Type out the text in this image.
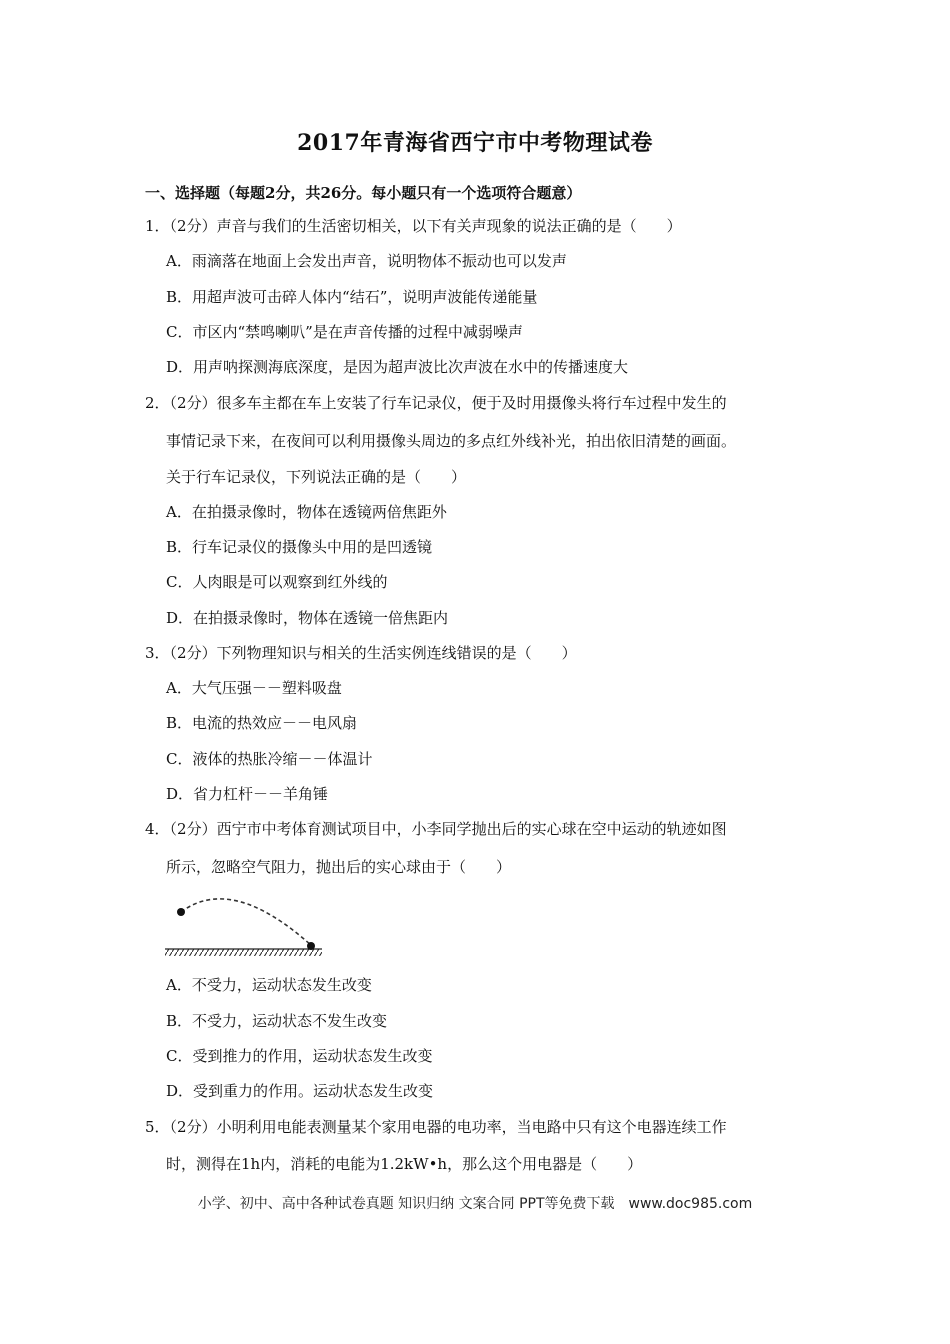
2017年青海省西宁市中考物理试卷
一、选择题（每题2分，共26分。每小题只有一个选项符合题意）
1．（2分）声音与我们的生活密切相关，以下有关声现象的说法正确的是（　　）
A．雨滴落在地面上会发出声音，说明物体不振动也可以发声
B．用超声波可击碎人体内“结石”，说明声波能传递能量
C．市区内“禁鸣喇叭”是在声音传播的过程中减弱噪声
D．用声呐探测海底深度，是因为超声波比次声波在水中的传播速度大
2．（2分）很多车主都在车上安装了行车记录仪，便于及时用摄像头将行车过程中发生的
事情记录下来，在夜间可以利用摄像头周边的多点红外线补光，拍出依旧清楚的画面。
关于行车记录仪，下列说法正确的是（　　）
A．在拍摄录像时，物体在透镜两倍焦距外
B．行车记录仪的摄像头中用的是凹透镜
C．人肉眼是可以观察到红外线的
D．在拍摄录像时，物体在透镜一倍焦距内
3．（2分）下列物理知识与相关的生活实例连线错误的是（　　）
A．大气压强－－塑料吸盘
B．电流的热效应－－电风扇
C．液体的热胀冷缩－－体温计
D．省力杠杆－－羊角锤
4．（2分）西宁市中考体育测试项目中，小李同学抛出后的实心球在空中运动的轨迹如图
所示，忽略空气阻力，抛出后的实心球由于（　　）
A．不受力，运动状态发生改变
B．不受力，运动状态不发生改变
C．受到推力的作用，运动状态发生改变
D．受到重力的作用。运动状态发生改变
5．（2分）小明利用电能表测量某个家用电器的电功率，当电路中只有这个电器连续工作
时，测得在1h内，消耗的电能为1.2kW•h，那么这个用电器是（　　）
小学、初中、高中各种试卷真题 知识归纳 文案合同 PPT等免费下载　www.doc985.com
